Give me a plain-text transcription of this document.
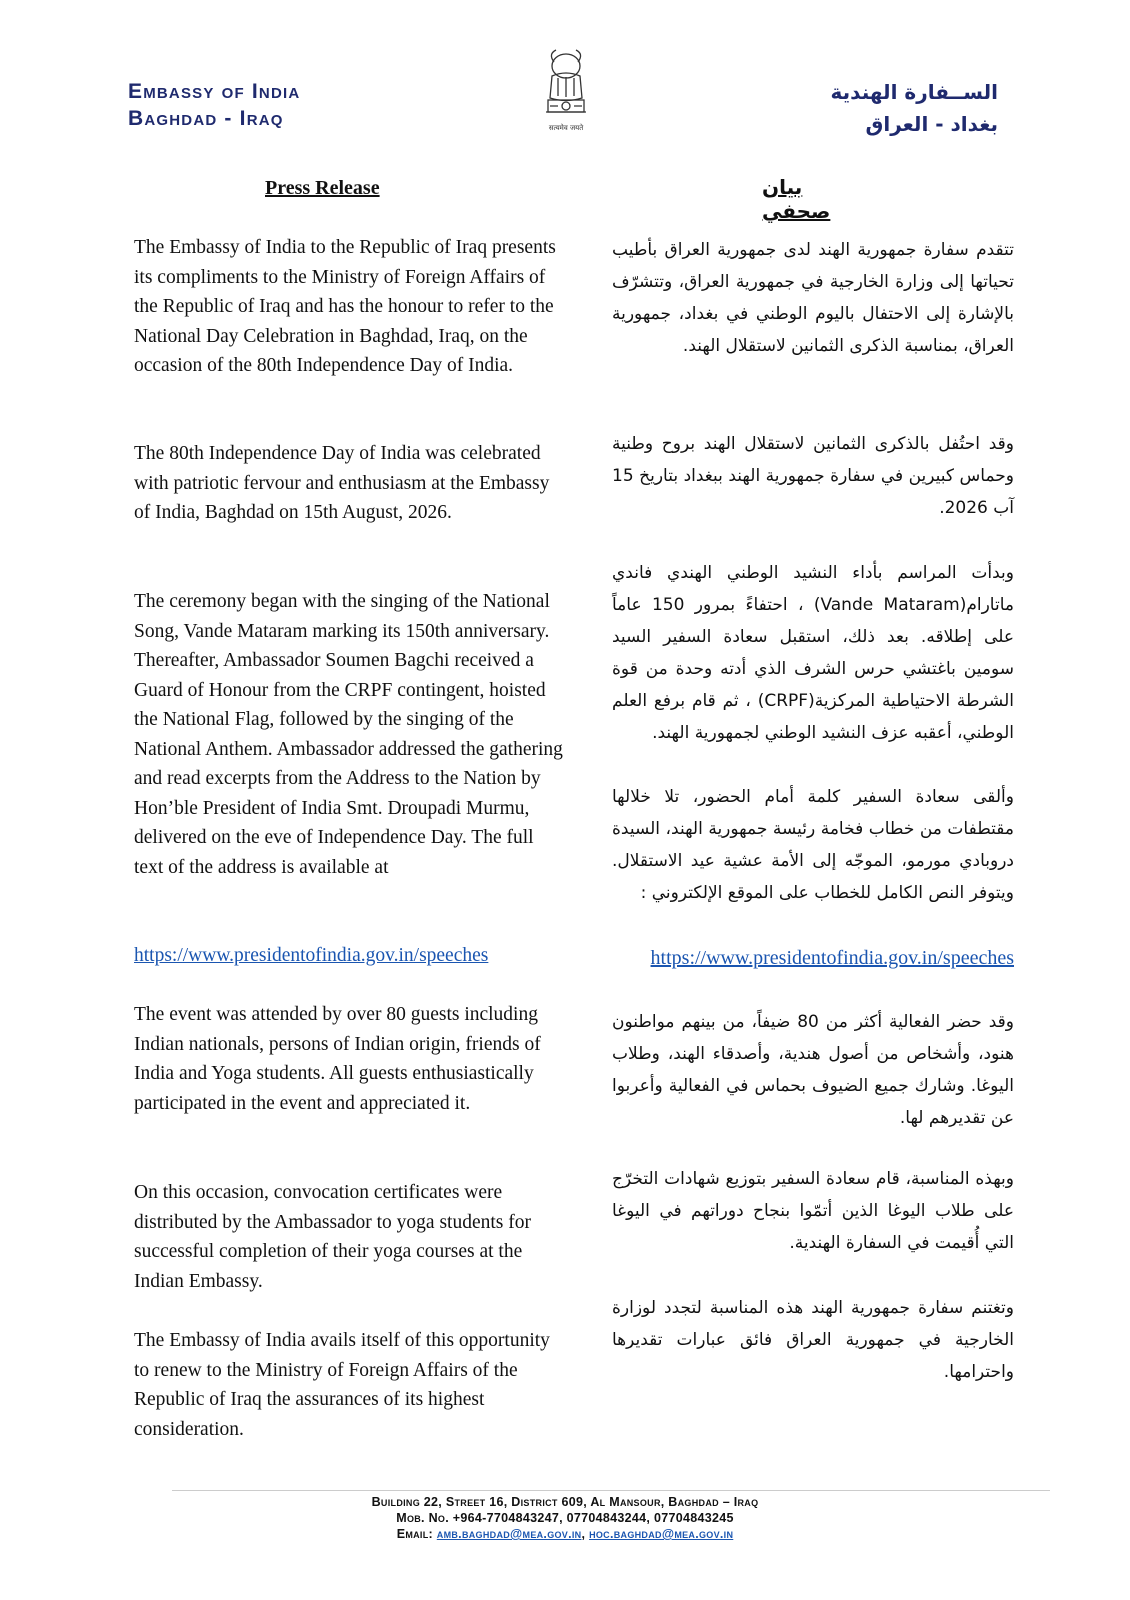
Embassy of India
Baghdad - Iraq	सत्यमेव जयते
الســفارة الهندية
بغداد - العراق
Press Release	بيان صحفي

The Embassy of India to the Republic of Iraq presents its compliments to the Ministry of Foreign Affairs of the Republic of Iraq and has the honour to refer to the National Day Celebration in Baghdad, Iraq, on the occasion of the 80th Independence Day of India.

The 80th Independence Day of India was celebrated with patriotic fervour and enthusiasm at the Embassy of India, Baghdad on 15th August, 2026.

The ceremony began with the singing of the National Song, Vande Mataram marking its 150th anniversary. Thereafter, Ambassador Soumen Bagchi received a Guard of Honour from the CRPF contingent, hoisted the National Flag, followed by the singing of the National Anthem. Ambassador addressed the gathering and read excerpts from the Address to the Nation by Hon’ble President of India Smt. Droupadi Murmu, delivered on the eve of Independence Day. The full text of the address is available at

https://www.presidentofindia.gov.in/speeches

The event was attended by over 80 guests including Indian nationals, persons of Indian origin, friends of India and Yoga students. All guests enthusiastically participated in the event and appreciated it.

On this occasion, convocation certificates were distributed by the Ambassador to yoga students for successful completion of their yoga courses at the Indian Embassy.

The Embassy of India avails itself of this opportunity to renew to the Ministry of Foreign Affairs of the Republic of Iraq the assurances of its highest consideration.

تتقدم سفارة جمهورية الهند لدى جمهورية العراق بأطيب تحياتها إلى وزارة الخارجية في جمهورية العراق، وتتشرّف بالإشارة إلى الاحتفال باليوم الوطني في بغداد، جمهورية العراق، بمناسبة الذكرى الثمانين لاستقلال الهند.

وقد احتُفل بالذكرى الثمانين لاستقلال الهند بروح وطنية وحماس كبيرين في سفارة جمهورية الهند ببغداد بتاريخ 15 آب 2026.

وبدأت المراسم بأداء النشيد الوطني الهندي فاندي ماتارام(Vande Mataram) ، احتفاءً بمرور 150 عاماً على إطلاقه. بعد ذلك، استقبل سعادة السفير السيد سومين باغتشي حرس الشرف الذي أدته وحدة من قوة الشرطة الاحتياطية المركزية(CRPF) ، ثم قام برفع العلم الوطني، أعقبه عزف النشيد الوطني لجمهورية الهند.

وألقى سعادة السفير كلمة أمام الحضور، تلا خلالها مقتطفات من خطاب فخامة رئيسة جمهورية الهند، السيدة دروبادي مورمو، الموجّه إلى الأمة عشية عيد الاستقلال. ويتوفر النص الكامل للخطاب على الموقع الإلكتروني :

https://www.presidentofindia.gov.in/speeches

وقد حضر الفعالية أكثر من 80 ضيفاً، من بينهم مواطنون هنود، وأشخاص من أصول هندية، وأصدقاء الهند، وطلاب اليوغا. وشارك جميع الضيوف بحماس في الفعالية وأعربوا عن تقديرهم لها.

وبهذه المناسبة، قام سعادة السفير بتوزيع شهادات التخرّج على طلاب اليوغا الذين أتمّوا بنجاح دوراتهم في اليوغا التي أُقيمت في السفارة الهندية.

وتغتنم سفارة جمهورية الهند هذه المناسبة لتجدد لوزارة الخارجية في جمهورية العراق فائق عبارات تقديرها واحترامها.

Building 22, Street 16, District 609, Al Mansour, Baghdad – Iraq
Mob. No. +964-7704843247, 07704843244, 07704843245
Email: amb.baghdad@mea.gov.in, hoc.baghdad@mea.gov.in
